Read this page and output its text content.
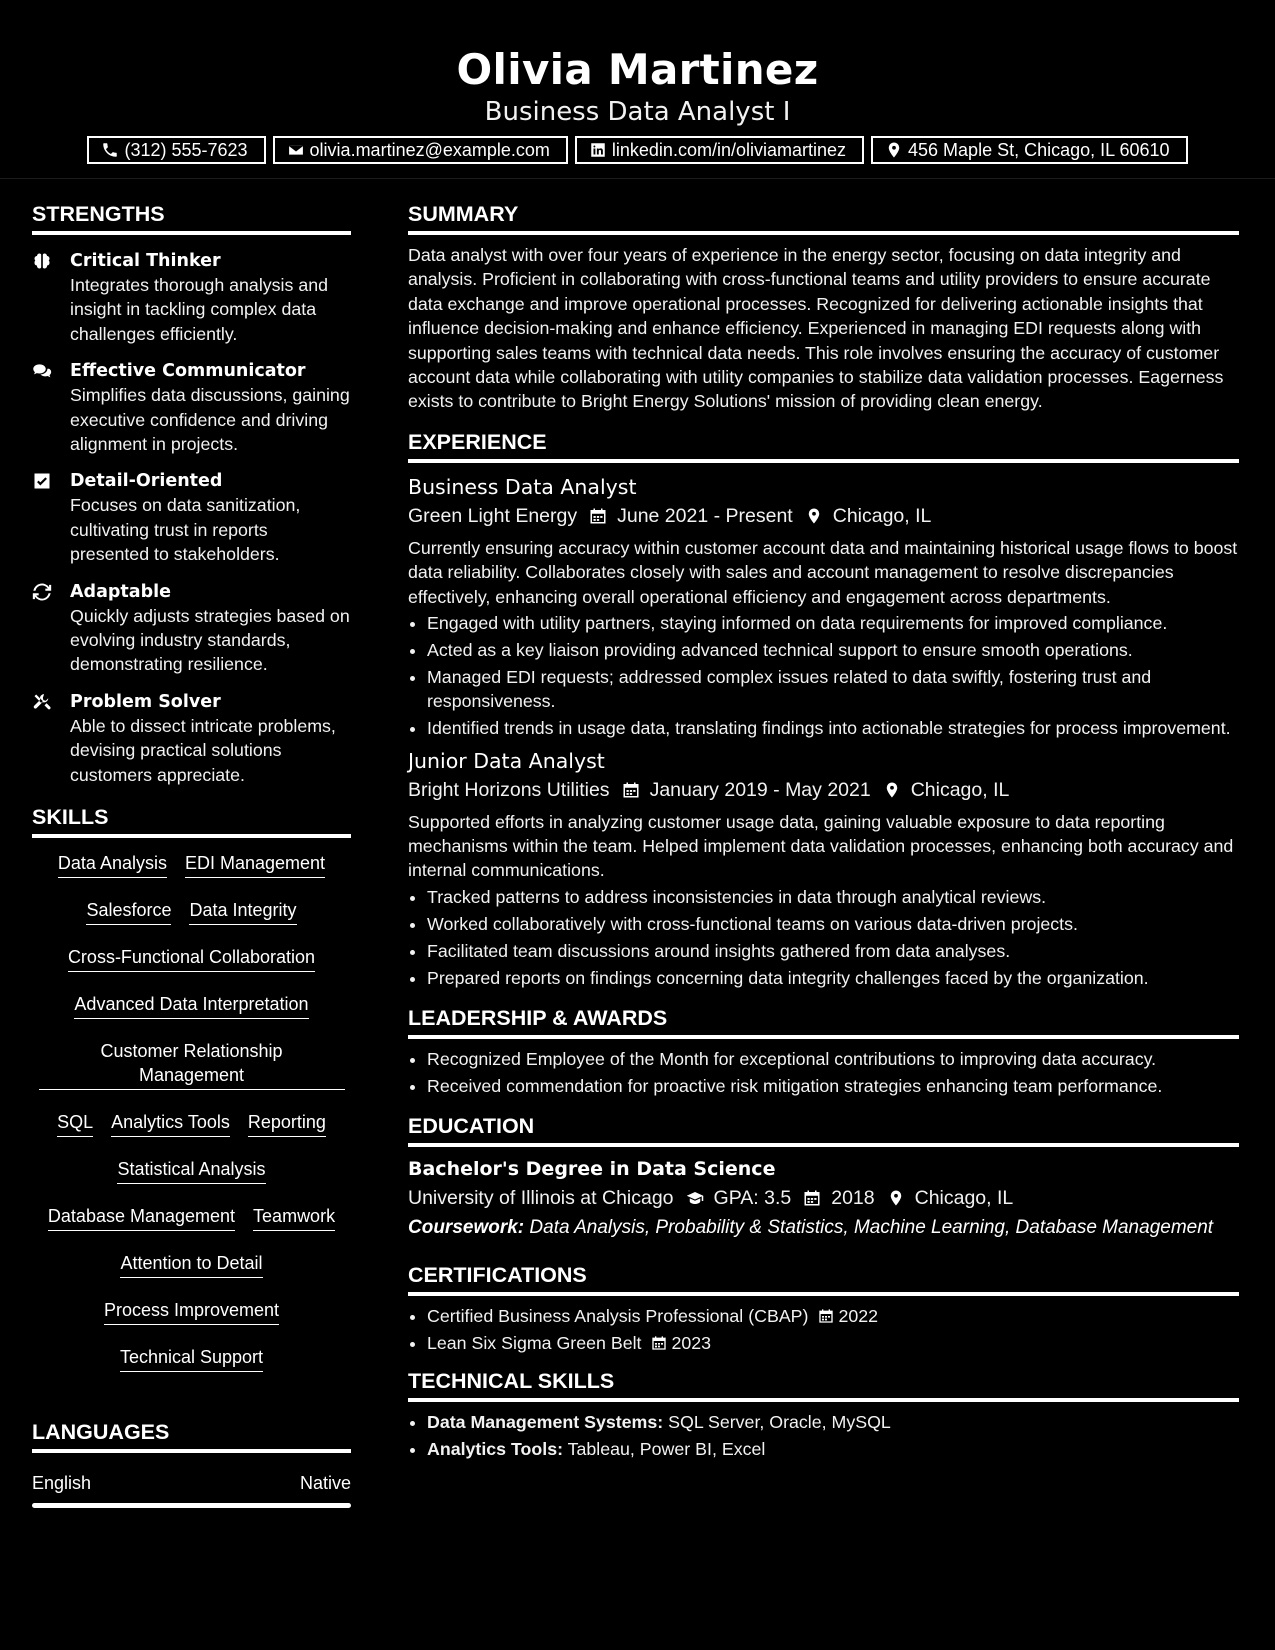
Olivia Martinez
Business Data Analyst I
(312) 555-7623	olivia.martinez@example.com	linkedin.com/in/oliviamartinez	456 Maple St, Chicago, IL 60610
STRENGTHS
Critical Thinker
Integrates thorough analysis and insight in tackling complex data challenges efficiently.
Effective Communicator
Simplifies data discussions, gaining executive confidence and driving alignment in projects.
Detail-Oriented
Focuses on data sanitization, cultivating trust in reports presented to stakeholders.
Adaptable
Quickly adjusts strategies based on evolving industry standards, demonstrating resilience.
Problem Solver
Able to dissect intricate problems, devising practical solutions customers appreciate.
SKILLS
Data Analysis EDI Management
Salesforce Data Integrity
Cross-Functional Collaboration
Advanced Data Interpretation
Customer Relationship Management
SQL Analytics Tools Reporting
Statistical Analysis
Database Management Teamwork
Attention to Detail
Process Improvement
Technical Support
LANGUAGES
English	Native
SUMMARY
Data analyst with over four years of experience in the energy sector, focusing on data integrity and analysis. Proficient in collaborating with cross-functional teams and utility providers to ensure accurate data exchange and improve operational processes. Recognized for delivering actionable insights that influence decision-making and enhance efficiency. Experienced in managing EDI requests along with supporting sales teams with technical data needs. This role involves ensuring the accuracy of customer account data while collaborating with utility companies to stabilize data validation processes. Eagerness exists to contribute to Bright Energy Solutions' mission of providing clean energy.
EXPERIENCE
Business Data Analyst
Green Light Energy June 2021 - Present Chicago, IL
Currently ensuring accuracy within customer account data and maintaining historical usage flows to boost data reliability. Collaborates closely with sales and account management to resolve discrepancies effectively, enhancing overall operational efficiency and engagement across departments.
• Engaged with utility partners, staying informed on data requirements for improved compliance.
• Acted as a key liaison providing advanced technical support to ensure smooth operations.
• Managed EDI requests; addressed complex issues related to data swiftly, fostering trust and responsiveness.
• Identified trends in usage data, translating findings into actionable strategies for process improvement.
Junior Data Analyst
Bright Horizons Utilities January 2019 - May 2021 Chicago, IL
Supported efforts in analyzing customer usage data, gaining valuable exposure to data reporting mechanisms within the team. Helped implement data validation processes, enhancing both accuracy and internal communications.
• Tracked patterns to address inconsistencies in data through analytical reviews.
• Worked collaboratively with cross-functional teams on various data-driven projects.
• Facilitated team discussions around insights gathered from data analyses.
• Prepared reports on findings concerning data integrity challenges faced by the organization.
LEADERSHIP & AWARDS
• Recognized Employee of the Month for exceptional contributions to improving data accuracy.
• Received commendation for proactive risk mitigation strategies enhancing team performance.
EDUCATION
Bachelor's Degree in Data Science
University of Illinois at Chicago GPA: 3.5 2018 Chicago, IL
Coursework: Data Analysis, Probability & Statistics, Machine Learning, Database Management
CERTIFICATIONS
• Certified Business Analysis Professional (CBAP) 2022
• Lean Six Sigma Green Belt 2023
TECHNICAL SKILLS
• Data Management Systems: SQL Server, Oracle, MySQL
• Analytics Tools: Tableau, Power BI, Excel
